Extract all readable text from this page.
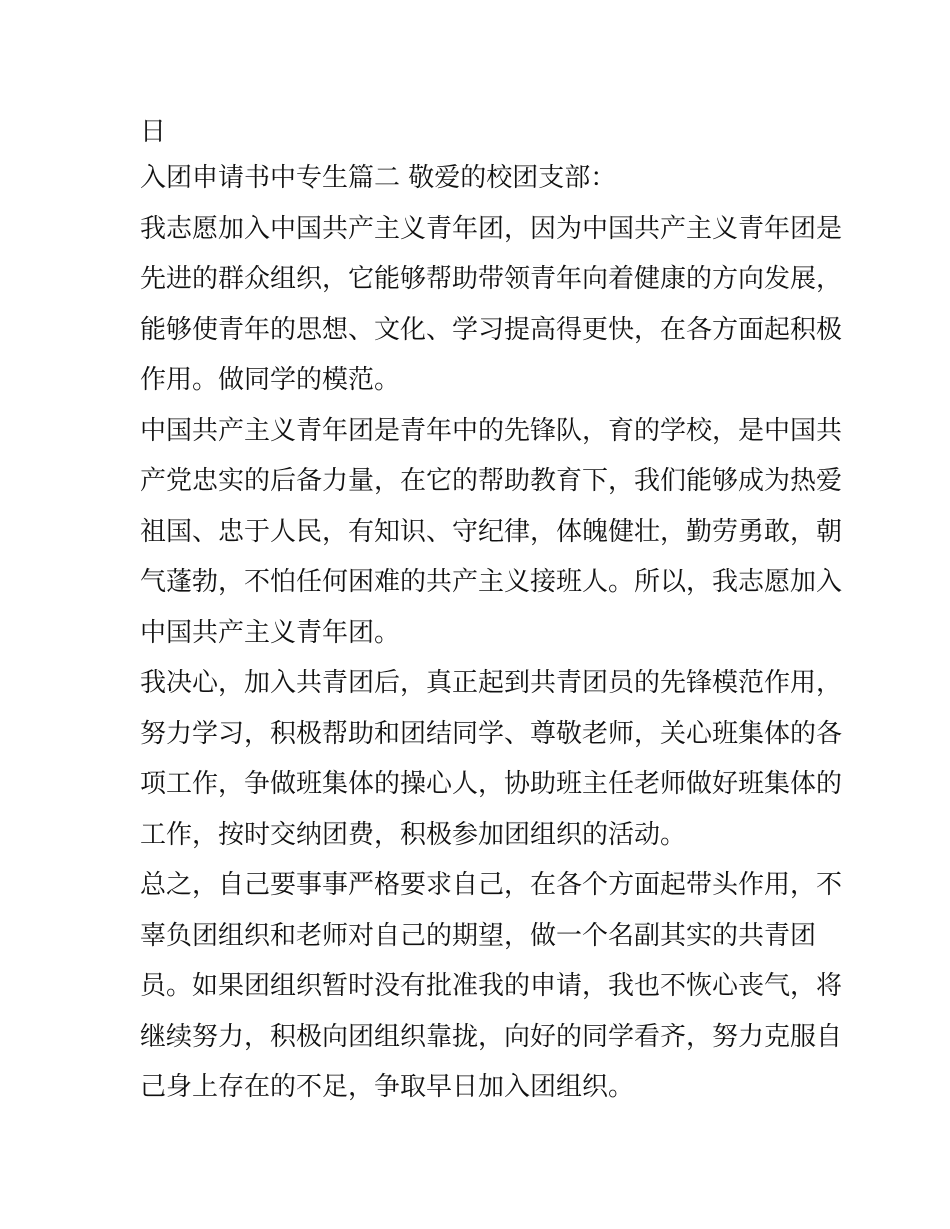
日
入团申请书中专生篇二 敬爱的校团支部：
我志愿加入中国共产主义青年团，因为中国共产主义青年团是
先进的群众组织，它能够帮助带领青年向着健康的方向发展，
能够使青年的思想、文化、学习提高得更快，在各方面起积极
作用。做同学的模范。
中国共产主义青年团是青年中的先锋队，育的学校，是中国共
产党忠实的后备力量，在它的帮助教育下，我们能够成为热爱
祖国、忠于人民，有知识、守纪律，体魄健壮，勤劳勇敢，朝
气蓬勃，不怕任何困难的共产主义接班人。所以，我志愿加入
中国共产主义青年团。
我决心，加入共青团后，真正起到共青团员的先锋模范作用，
努力学习，积极帮助和团结同学、尊敬老师，关心班集体的各
项工作，争做班集体的操心人，协助班主任老师做好班集体的
工作，按时交纳团费，积极参加团组织的活动。
总之，自己要事事严格要求自己，在各个方面起带头作用，不
辜负团组织和老师对自己的期望，做一个名副其实的共青团
员。如果团组织暂时没有批准我的申请，我也不恢心丧气，将
继续努力，积极向团组织靠拢，向好的同学看齐，努力克服自
己身上存在的不足，争取早日加入团组织。
